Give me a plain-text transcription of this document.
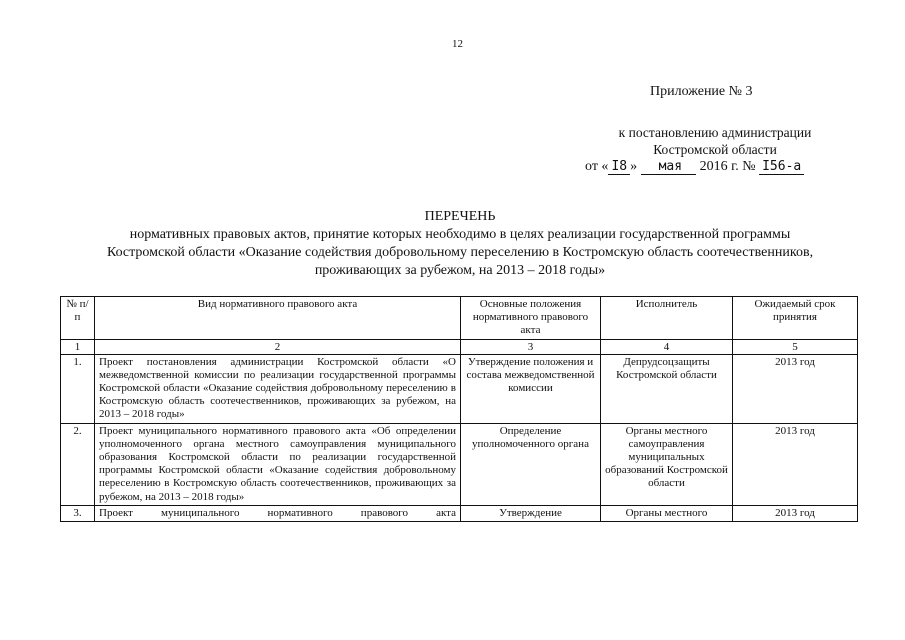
12
Приложение № 3
к постановлению администрации
Костромской области
от « I8 » мая 2016 г. № I56-а
ПЕРЕЧЕНЬ
нормативных правовых актов, принятие которых необходимо в целях реализации государственной программы
Костромской области «Оказание содействия добровольному переселению в Костромскую область соотечественников,
проживающих за рубежом, на 2013 – 2018 годы»
№ п/п	Вид нормативного правового акта	Основные положения нормативного правового акта	Исполнитель	Ожидаемый срок принятия
1	2	3	4	5
1.	Проект постановления администрации Костромской области «О межведомственной комиссии по реализации государственной программы Костромской области «Оказание содействия добровольному переселению в Костромскую область соотечественников, проживающих за рубежом, на 2013 – 2018 годы»	Утверждение положения и состава межведомственной комиссии	Депрудсоцзащиты Костромской области	2013 год
2.	Проект муниципального нормативного правового акта «Об определении уполномоченного органа местного самоуправления муниципального образования Костромской области по реализации государственной программы Костромской области «Оказание содействия добровольному переселению в Костромскую область соотечественников, проживающих за рубежом, на 2013 – 2018 годы»	Определение уполномоченного органа	Органы местного самоуправления муниципальных образований Костромской области	2013 год
3.	Проект муниципального нормативного правового акта	Утверждение	Органы местного	2013 год
